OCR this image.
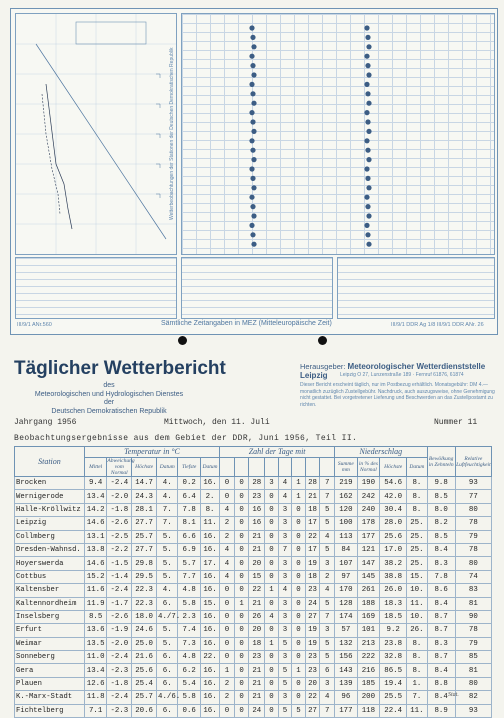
Wetterbeobachtungen der Stationen der Deutschen Demokratischen Republik
III/9/1 ANr.560	Sämtliche Zeitangaben in MEZ (Mitteleuropäische Zeit)	III/9/1 DDR Ag 1/8 III/9/1 DDR ANr. 26
Täglicher Wetterbericht
des
Meteorologischen und Hydrologischen Dienstes
der
Deutschen Demokratischen Republik
Herausgeber: Meteorologischer Wetterdienststelle Leipzig	Leipzig O 27, Lunzenstraße 189 · Fernruf 61876, 61874
Dieser Bericht erscheint täglich, nur im Postbezug erhältlich. Monatsgebühr: DM 4.— monatlich zuzüglich Zustellgebühr. Nachdruck, auch auszugsweise, ohne Genehmigung nicht gestattet. Bei vorgetretener Lieferung und Beschwerden an das Zustellpostamt zu richten.
Jahrgang 1956	Mittwoch, den 11. Juli	Nummer 11
Beobachtungsergebnisse aus dem Gebiet der DDR, Juni 1956, Teil II.
Station	Temperatur in °C						Zahl der Tage mit								Niederschlag				Bewölkung in Zehnteln	Relative Luftfeuchtigkeit
	Mittel	Abweichung vom Normal	Höchste	Datum	Tiefste	Datum									Summe mm	in % des Normal	Höchste	Datum		
Brocken	9.4	-2.4	14.7	4.	0.2	16.	0	0	28	3	4	1	28	7	219	190	54.6	8.	9.8	93
Wernigerode	13.4	-2.0	24.3	4.	6.4	2.	0	0	23	0	4	1	21	7	162	242	42.0	8.	8.5	77
Halle-Kröllwitz	14.2	-1.8	28.1	7.	7.8	8.	4	0	16	0	3	0	18	5	120	240	30.4	8.	8.0	80
Leipzig	14.6	-2.6	27.7	7.	8.1	11.	2	0	16	0	3	0	17	5	100	178	28.0	25.	8.2	78
Collmberg	13.1	-2.5	25.7	5.	6.6	16.	2	0	21	0	3	0	22	4	113	177	25.6	25.	8.5	79
Dresden-Wahnsd.	13.8	-2.2	27.7	5.	6.9	16.	4	0	21	0	7	0	17	5	84	121	17.0	25.	8.4	78
Hoyerswerda	14.6	-1.5	29.8	5.	5.7	17.	4	0	20	0	3	0	19	3	107	147	38.2	25.	8.3	80
Cottbus	15.2	-1.4	29.5	5.	7.7	16.	4	0	15	0	3	0	18	2	97	145	38.8	15.	7.8	74
Kaltensber	11.6	-2.4	22.3	4.	4.8	16.	0	0	22	1	4	0	23	4	170	261	26.0	10.	8.6	83
Kaltennordheim	11.9	-1.7	22.3	6.	5.8	15.	0	1	21	0	3	0	24	5	128	188	18.3	11.	8.4	81
Inselsberg	8.5	-2.6	18.0	4./7.	2.3	16.	0	0	26	4	3	0	27	7	174	169	18.5	10.	8.7	90
Erfurt	13.6	-1.9	24.6	5.	7.4	16.	0	0	20	0	3	0	19	3	57	101	9.2	26.	8.7	78
Weimar	13.5	-2.0	25.0	5.	7.3	16.	0	0	18	1	5	0	19	5	132	213	23.8	8.	8.3	79
Sonneberg	11.0	-2.4	21.6	6.	4.8	22.	0	0	23	0	3	0	23	5	156	222	32.8	8.	8.7	85
Gera	13.4	-2.3	25.6	6.	6.2	16.	1	0	21	0	5	1	23	6	143	216	86.5	8.	8.4	81
Plauen	12.6	-1.8	25.4	6.	5.4	16.	2	0	21	0	5	0	20	3	139	185	19.4	1.	8.8	80
K.-Marx-Stadt	11.8	-2.4	25.7	4./6.	5.8	16.	2	0	21	0	3	0	22	4	96	200	25.5	7.	8.4	82
Fichtelberg	7.1	-2.3	20.6	6.	0.6	16.	0	0	24	0	5	5	27	7	177	118	22.4	11.	8.9	93
Stat.
